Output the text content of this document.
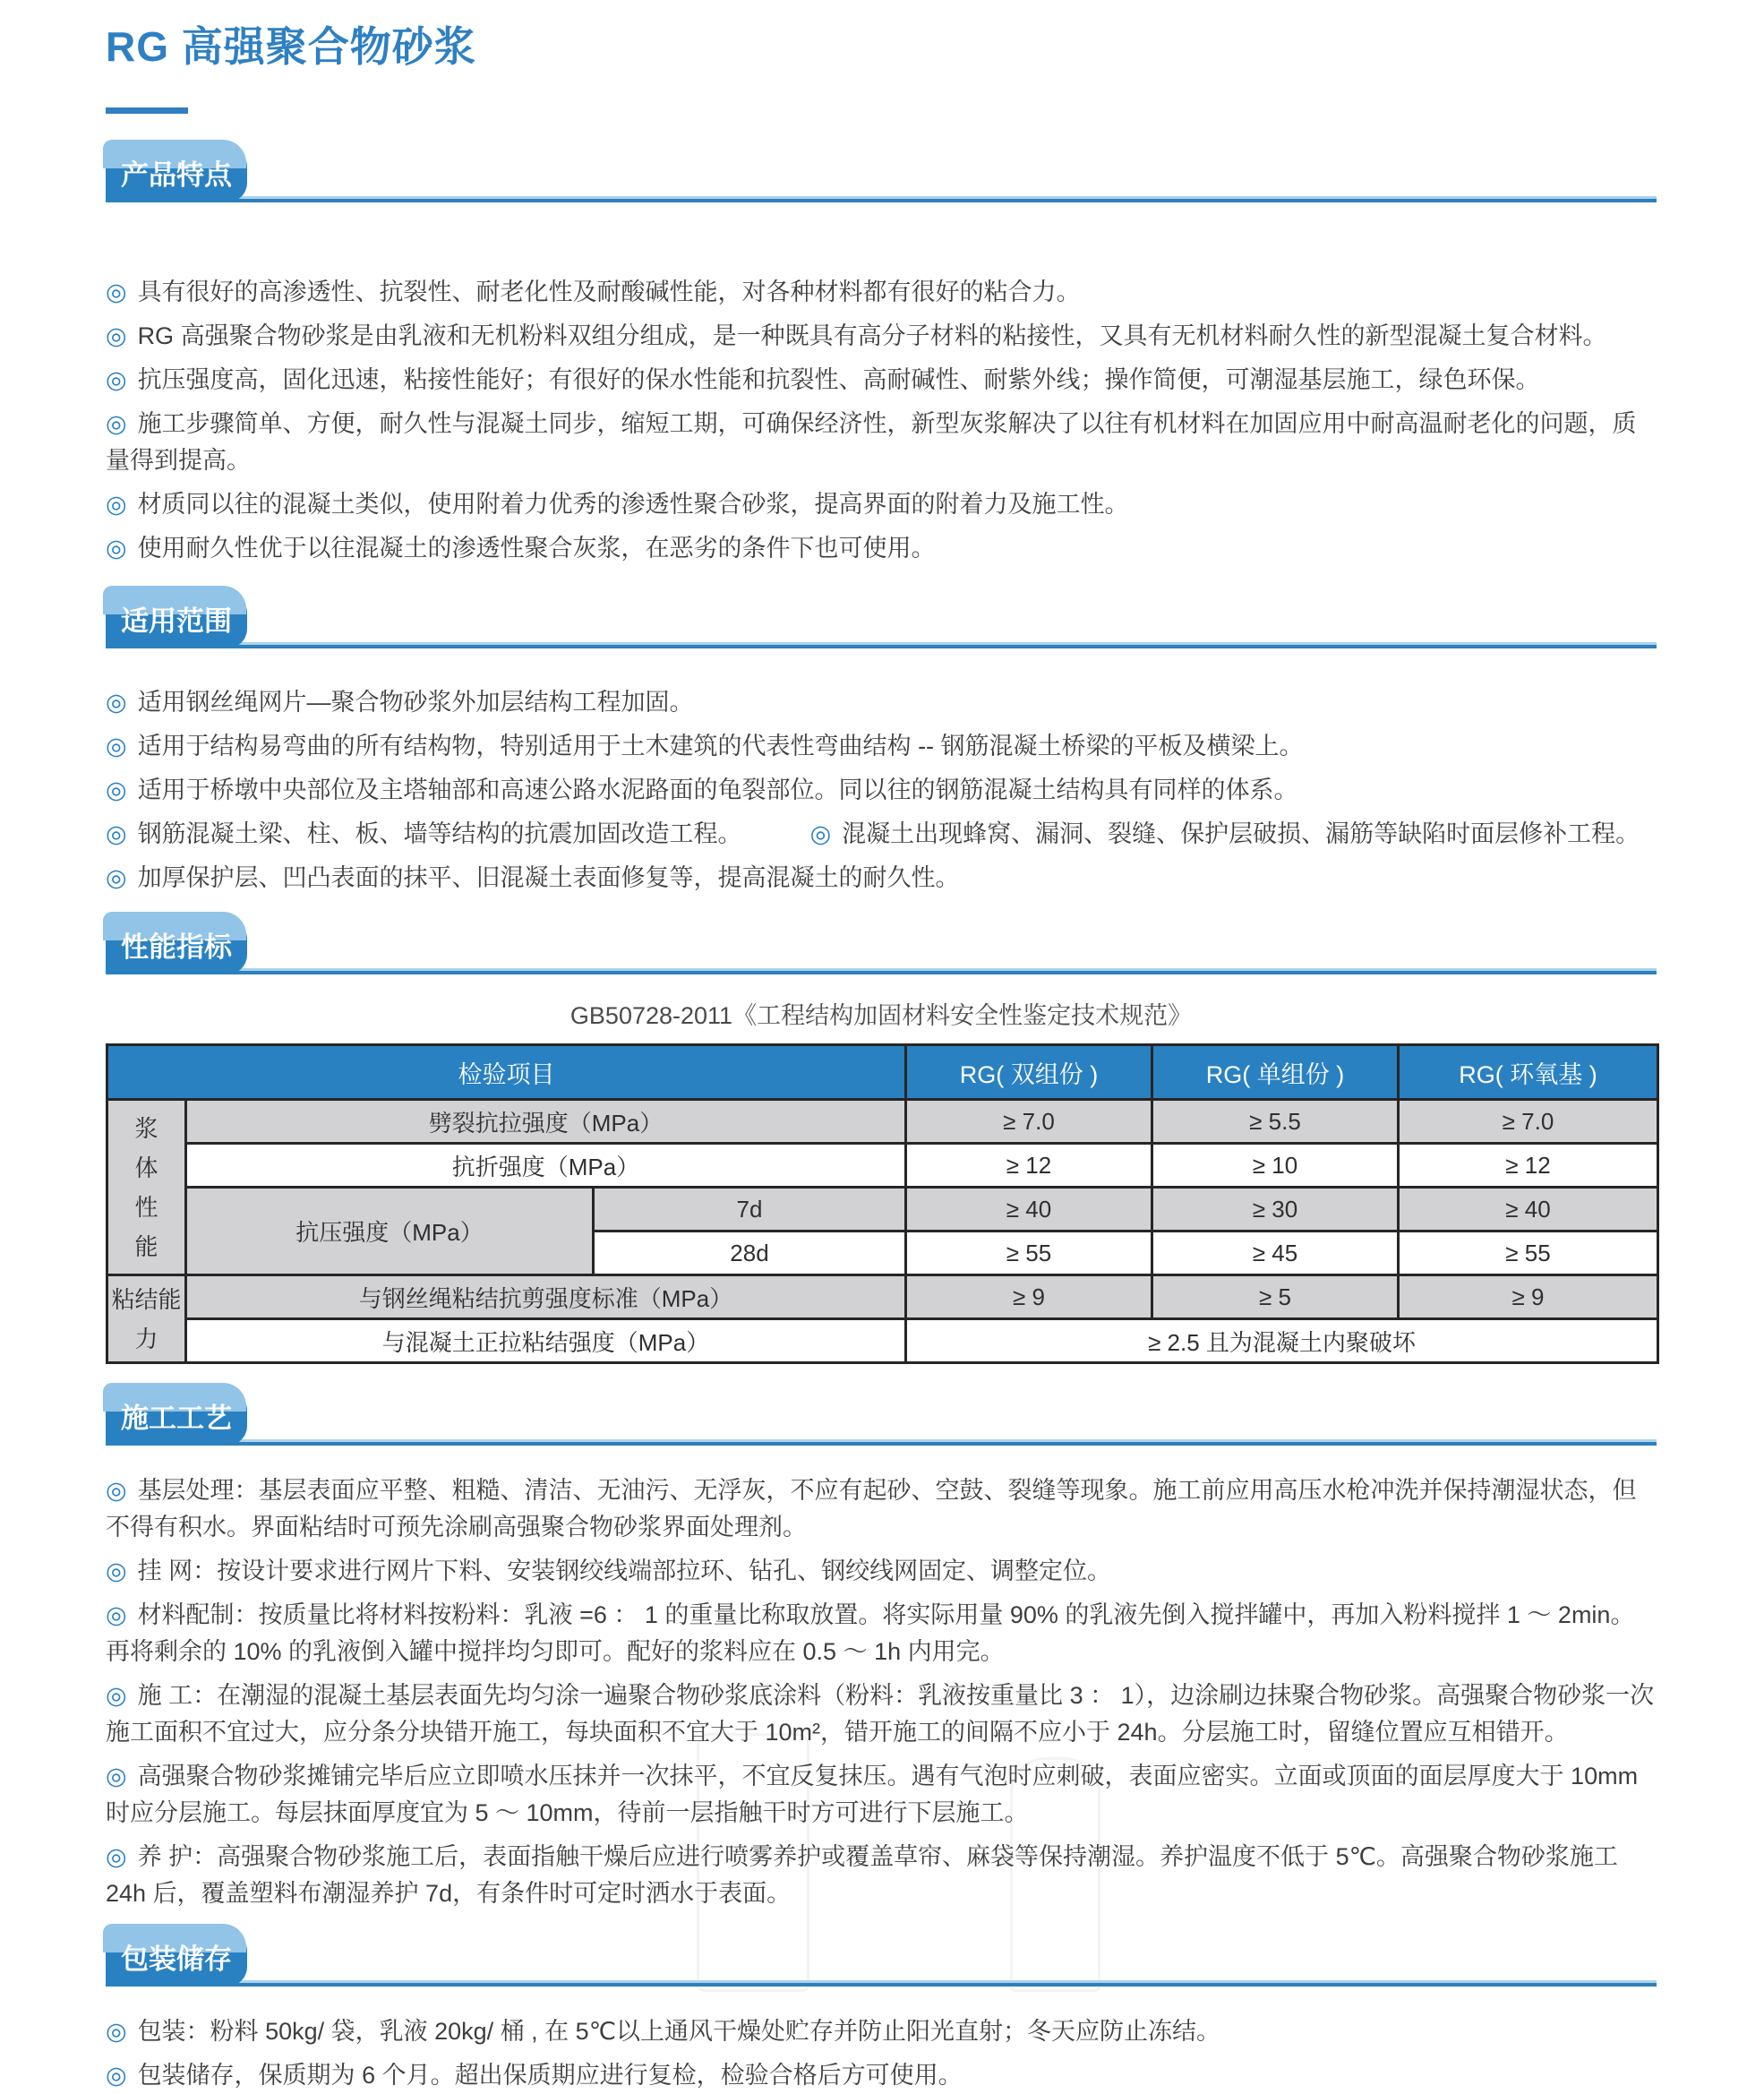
RG 高强聚合物砂浆
产品特点
◎ 具有很好的高渗透性、抗裂性、耐老化性及耐酸碱性能，对各种材料都有很好的粘合力。
◎ RG 高强聚合物砂浆是由乳液和无机粉料双组分组成，是一种既具有高分子材料的粘接性，又具有无机材料耐久性的新型混凝土复合材料。
◎ 抗压强度高，固化迅速，粘接性能好；有很好的保水性能和抗裂性、高耐碱性、耐紫外线；操作简便，可潮湿基层施工，绿色环保。
◎ 施工步骤简单、方便，耐久性与混凝土同步，缩短工期，可确保经济性，新型灰浆解决了以往有机材料在加固应用中耐高温耐老化的问题，质量得到提高。
◎ 材质同以往的混凝土类似，使用附着力优秀的渗透性聚合砂浆，提高界面的附着力及施工性。
◎ 使用耐久性优于以往混凝土的渗透性聚合灰浆，在恶劣的条件下也可使用。
适用范围
◎ 适用钢丝绳网片—聚合物砂浆外加层结构工程加固。
◎ 适用于结构易弯曲的所有结构物，特别适用于土木建筑的代表性弯曲结构 -- 钢筋混凝土桥梁的平板及横梁上。
◎ 适用于桥墩中央部位及主塔轴部和高速公路水泥路面的龟裂部位。同以往的钢筋混凝土结构具有同样的体系。
◎ 钢筋混凝土梁、柱、板、墙等结构的抗震加固改造工程。	◎ 混凝土出现蜂窝、漏洞、裂缝、保护层破损、漏筋等缺陷时面层修补工程。
◎ 加厚保护层、凹凸表面的抹平、旧混凝土表面修复等，提高混凝土的耐久性。
性能指标
GB50728-2011《工程结构加固材料安全性鉴定技术规范》
检验项目			RG( 双组份 )	RG( 单组份 )	RG( 环氧基 )
浆
体
性
能	劈裂抗拉强度（MPa）		≥ 7.0	≥ 5.5	≥ 7.0
	抗折强度（MPa）		≥ 12	≥ 10	≥ 12
	抗压强度（MPa）	7d	≥ 40	≥ 30	≥ 40
		28d	≥ 55	≥ 45	≥ 55
粘结能
力	与钢丝绳粘结抗剪强度标准（MPa）		≥ 9	≥ 5	≥ 9
	与混凝土正拉粘结强度（MPa）		≥ 2.5 且为混凝土内聚破坏		
施工工艺
◎ 基层处理：基层表面应平整、粗糙、清洁、无油污、无浮灰，不应有起砂、空鼓、裂缝等现象。施工前应用高压水枪冲洗并保持潮湿状态，但不得有积水。界面粘结时可预先涂刷高强聚合物砂浆界面处理剂。
◎ 挂 网：按设计要求进行网片下料、安装钢绞线端部拉环、钻孔、钢绞线网固定、调整定位。
◎ 材料配制：按质量比将材料按粉料：乳液 =6 ： 1 的重量比称取放置。将实际用量 90% 的乳液先倒入搅拌罐中，再加入粉料搅拌 1 ～ 2min。再将剩余的 10% 的乳液倒入罐中搅拌均匀即可。配好的浆料应在 0.5 ～ 1h 内用完。
◎ 施 工：在潮湿的混凝土基层表面先均匀涂一遍聚合物砂浆底涂料（粉料：乳液按重量比 3 ： 1），边涂刷边抹聚合物砂浆。高强聚合物砂浆一次施工面积不宜过大，应分条分块错开施工，每块面积不宜大于 10m²，错开施工的间隔不应小于 24h。分层施工时，留缝位置应互相错开。
◎ 高强聚合物砂浆摊铺完毕后应立即喷水压抹并一次抹平，不宜反复抹压。遇有气泡时应刺破，表面应密实。立面或顶面的面层厚度大于 10mm 时应分层施工。每层抹面厚度宜为 5 ～ 10mm，待前一层指触干时方可进行下层施工。
◎ 养 护：高强聚合物砂浆施工后，表面指触干燥后应进行喷雾养护或覆盖草帘、麻袋等保持潮湿。养护温度不低于 5℃。高强聚合物砂浆施工 24h 后，覆盖塑料布潮湿养护 7d，有条件时可定时洒水于表面。
包装储存
◎ 包装：粉料 50kg/ 袋，乳液 20kg/ 桶 , 在 5℃以上通风干燥处贮存并防止阳光直射；冬天应防止冻结。
◎ 包装储存，保质期为 6 个月。超出保质期应进行复检，检验合格后方可使用。
